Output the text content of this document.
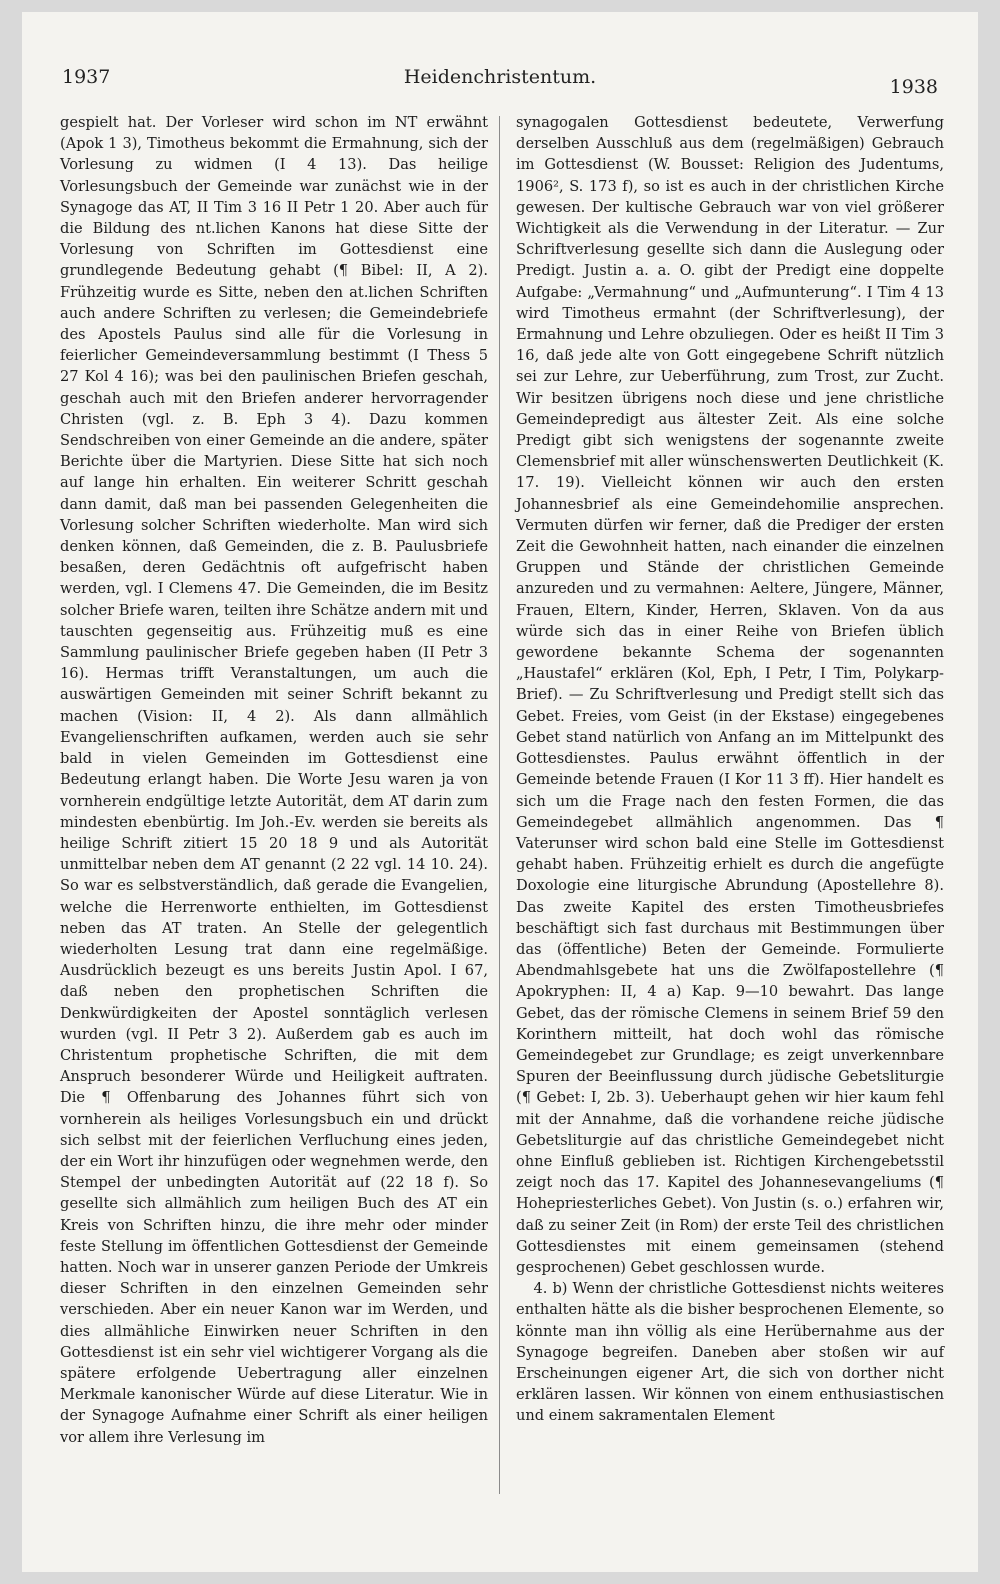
1937	Heidenchristentum.	1938

gespielt hat. Der Vorleser wird schon im NT erwähnt (Apok 1 3), Timotheus bekommt die Ermahnung, sich der Vorlesung zu widmen (I 4 13). Das heilige Vorlesungsbuch der Gemeinde war zunächst wie in der Synagoge das AT, II Tim 3 16 II Petr 1 20. Aber auch für die Bildung des nt.lichen Kanons hat diese Sitte der Vorlesung von Schriften im Gottesdienst eine grundlegende Bedeutung gehabt (¶ Bibel: II, A 2). Frühzeitig wurde es Sitte, neben den at.lichen Schriften auch andere Schriften zu verlesen; die Gemeindebriefe des Apostels Paulus sind alle für die Vorlesung in feierlicher Gemeindeversammlung bestimmt (I Thess 5 27 Kol 4 16); was bei den paulinischen Briefen geschah, geschah auch mit den Briefen anderer hervorragender Christen (vgl. z. B. Eph 3 4). Dazu kommen Sendschreiben von einer Gemeinde an die andere, später Berichte über die Martyrien. Diese Sitte hat sich noch auf lange hin erhalten. Ein weiterer Schritt geschah dann damit, daß man bei passenden Gelegenheiten die Vorlesung solcher Schriften wiederholte. Man wird sich denken können, daß Gemeinden, die z. B. Paulusbriefe besaßen, deren Gedächtnis oft aufgefrischt haben werden, vgl. I Clemens 47. Die Gemeinden, die im Besitz solcher Briefe waren, teilten ihre Schätze andern mit und tauschten gegenseitig aus. Frühzeitig muß es eine Sammlung paulinischer Briefe gegeben haben (II Petr 3 16). Hermas trifft Veranstaltungen, um auch die auswärtigen Gemeinden mit seiner Schrift bekannt zu machen (Vision: II, 4 2). Als dann allmählich Evangelienschriften aufkamen, werden auch sie sehr bald in vielen Gemeinden im Gottesdienst eine Bedeutung erlangt haben. Die Worte Jesu waren ja von vornherein endgültige letzte Autorität, dem AT darin zum mindesten ebenbürtig. Im Joh.-Ev. werden sie bereits als heilige Schrift zitiert 15 20 18 9 und als Autorität unmittelbar neben dem AT genannt (2 22 vgl. 14 10. 24). So war es selbstverständlich, daß gerade die Evangelien, welche die Herrenworte enthielten, im Gottesdienst neben das AT traten. An Stelle der gelegentlich wiederholten Lesung trat dann eine regelmäßige. Ausdrücklich bezeugt es uns bereits Justin Apol. I 67, daß neben den prophetischen Schriften die Denkwürdigkeiten der Apostel sonntäglich verlesen wurden (vgl. II Petr 3 2). Außerdem gab es auch im Christentum prophetische Schriften, die mit dem Anspruch besonderer Würde und Heiligkeit auftraten. Die ¶ Offenbarung des Johannes führt sich von vornherein als heiliges Vorlesungsbuch ein und drückt sich selbst mit der feierlichen Verfluchung eines jeden, der ein Wort ihr hinzufügen oder wegnehmen werde, den Stempel der unbedingten Autorität auf (22 18 f). So gesellte sich allmählich zum heiligen Buch des AT ein Kreis von Schriften hinzu, die ihre mehr oder minder feste Stellung im öffentlichen Gottesdienst der Gemeinde hatten. Noch war in unserer ganzen Periode der Umkreis dieser Schriften in den einzelnen Gemeinden sehr verschieden. Aber ein neuer Kanon war im Werden, und dies allmähliche Einwirken neuer Schriften in den Gottesdienst ist ein sehr viel wichtigerer Vorgang als die spätere erfolgende Uebertragung aller einzelnen Merkmale kanonischer Würde auf diese Literatur. Wie in der Synagoge Aufnahme einer Schrift als einer heiligen vor allem ihre Verlesung im

synagogalen Gottesdienst bedeutete, Verwerfung derselben Ausschluß aus dem (regelmäßigen) Gebrauch im Gottesdienst (W. Bousset: Religion des Judentums, 1906², S. 173 f), so ist es auch in der christlichen Kirche gewesen. Der kultische Gebrauch war von viel größerer Wichtigkeit als die Verwendung in der Literatur. — Zur Schriftverlesung gesellte sich dann die Auslegung oder Predigt. Justin a. a. O. gibt der Predigt eine doppelte Aufgabe: „Vermahnung“ und „Aufmunterung“. I Tim 4 13 wird Timotheus ermahnt (der Schriftverlesung), der Ermahnung und Lehre obzuliegen. Oder es heißt II Tim 3 16, daß jede alte von Gott eingegebene Schrift nützlich sei zur Lehre, zur Ueberführung, zum Trost, zur Zucht. Wir besitzen übrigens noch diese und jene christliche Gemeindepredigt aus ältester Zeit. Als eine solche Predigt gibt sich wenigstens der sogenannte zweite Clemensbrief mit aller wünschenswerten Deutlichkeit (K. 17. 19). Vielleicht können wir auch den ersten Johannesbrief als eine Gemeindehomilie ansprechen. Vermuten dürfen wir ferner, daß die Prediger der ersten Zeit die Gewohnheit hatten, nach einander die einzelnen Gruppen und Stände der christlichen Gemeinde anzureden und zu vermahnen: Aeltere, Jüngere, Männer, Frauen, Eltern, Kinder, Herren, Sklaven. Von da aus würde sich das in einer Reihe von Briefen üblich gewordene bekannte Schema der sogenannten „Haustafel“ erklären (Kol, Eph, I Petr, I Tim, Polykarp-Brief). — Zu Schriftverlesung und Predigt stellt sich das Gebet. Freies, vom Geist (in der Ekstase) eingegebenes Gebet stand natürlich von Anfang an im Mittelpunkt des Gottesdienstes. Paulus erwähnt öffentlich in der Gemeinde betende Frauen (I Kor 11 3 ff). Hier handelt es sich um die Frage nach den festen Formen, die das Gemeindegebet allmählich angenommen. Das ¶ Vaterunser wird schon bald eine Stelle im Gottesdienst gehabt haben. Frühzeitig erhielt es durch die angefügte Doxologie eine liturgische Abrundung (Apostellehre 8). Das zweite Kapitel des ersten Timotheusbriefes beschäftigt sich fast durchaus mit Bestimmungen über das (öffentliche) Beten der Gemeinde. Formulierte Abendmahlsgebete hat uns die Zwölfapostellehre (¶ Apokryphen: II, 4 a) Kap. 9—10 bewahrt. Das lange Gebet, das der römische Clemens in seinem Brief 59 den Korinthern mitteilt, hat doch wohl das römische Gemeindegebet zur Grundlage; es zeigt unverkennbare Spuren der Beeinflussung durch jüdische Gebetsliturgie (¶ Gebet: I, 2b. 3). Ueberhaupt gehen wir hier kaum fehl mit der Annahme, daß die vorhandene reiche jüdische Gebetsliturgie auf das christliche Gemeindegebet nicht ohne Einfluß geblieben ist. Richtigen Kirchengebetsstil zeigt noch das 17. Kapitel des Johannesevangeliums (¶ Hohepriesterliches Gebet). Von Justin (s. o.) erfahren wir, daß zu seiner Zeit (in Rom) der erste Teil des christlichen Gottesdienstes mit einem gemeinsamen (stehend gesprochenen) Gebet geschlossen wurde.

4. b) Wenn der christliche Gottesdienst nichts weiteres enthalten hätte als die bisher besprochenen Elemente, so könnte man ihn völlig als eine Herübernahme aus der Synagoge begreifen. Daneben aber stoßen wir auf Erscheinungen eigener Art, die sich von dorther nicht erklären lassen. Wir können von einem enthusiastischen und einem sakramentalen Element
